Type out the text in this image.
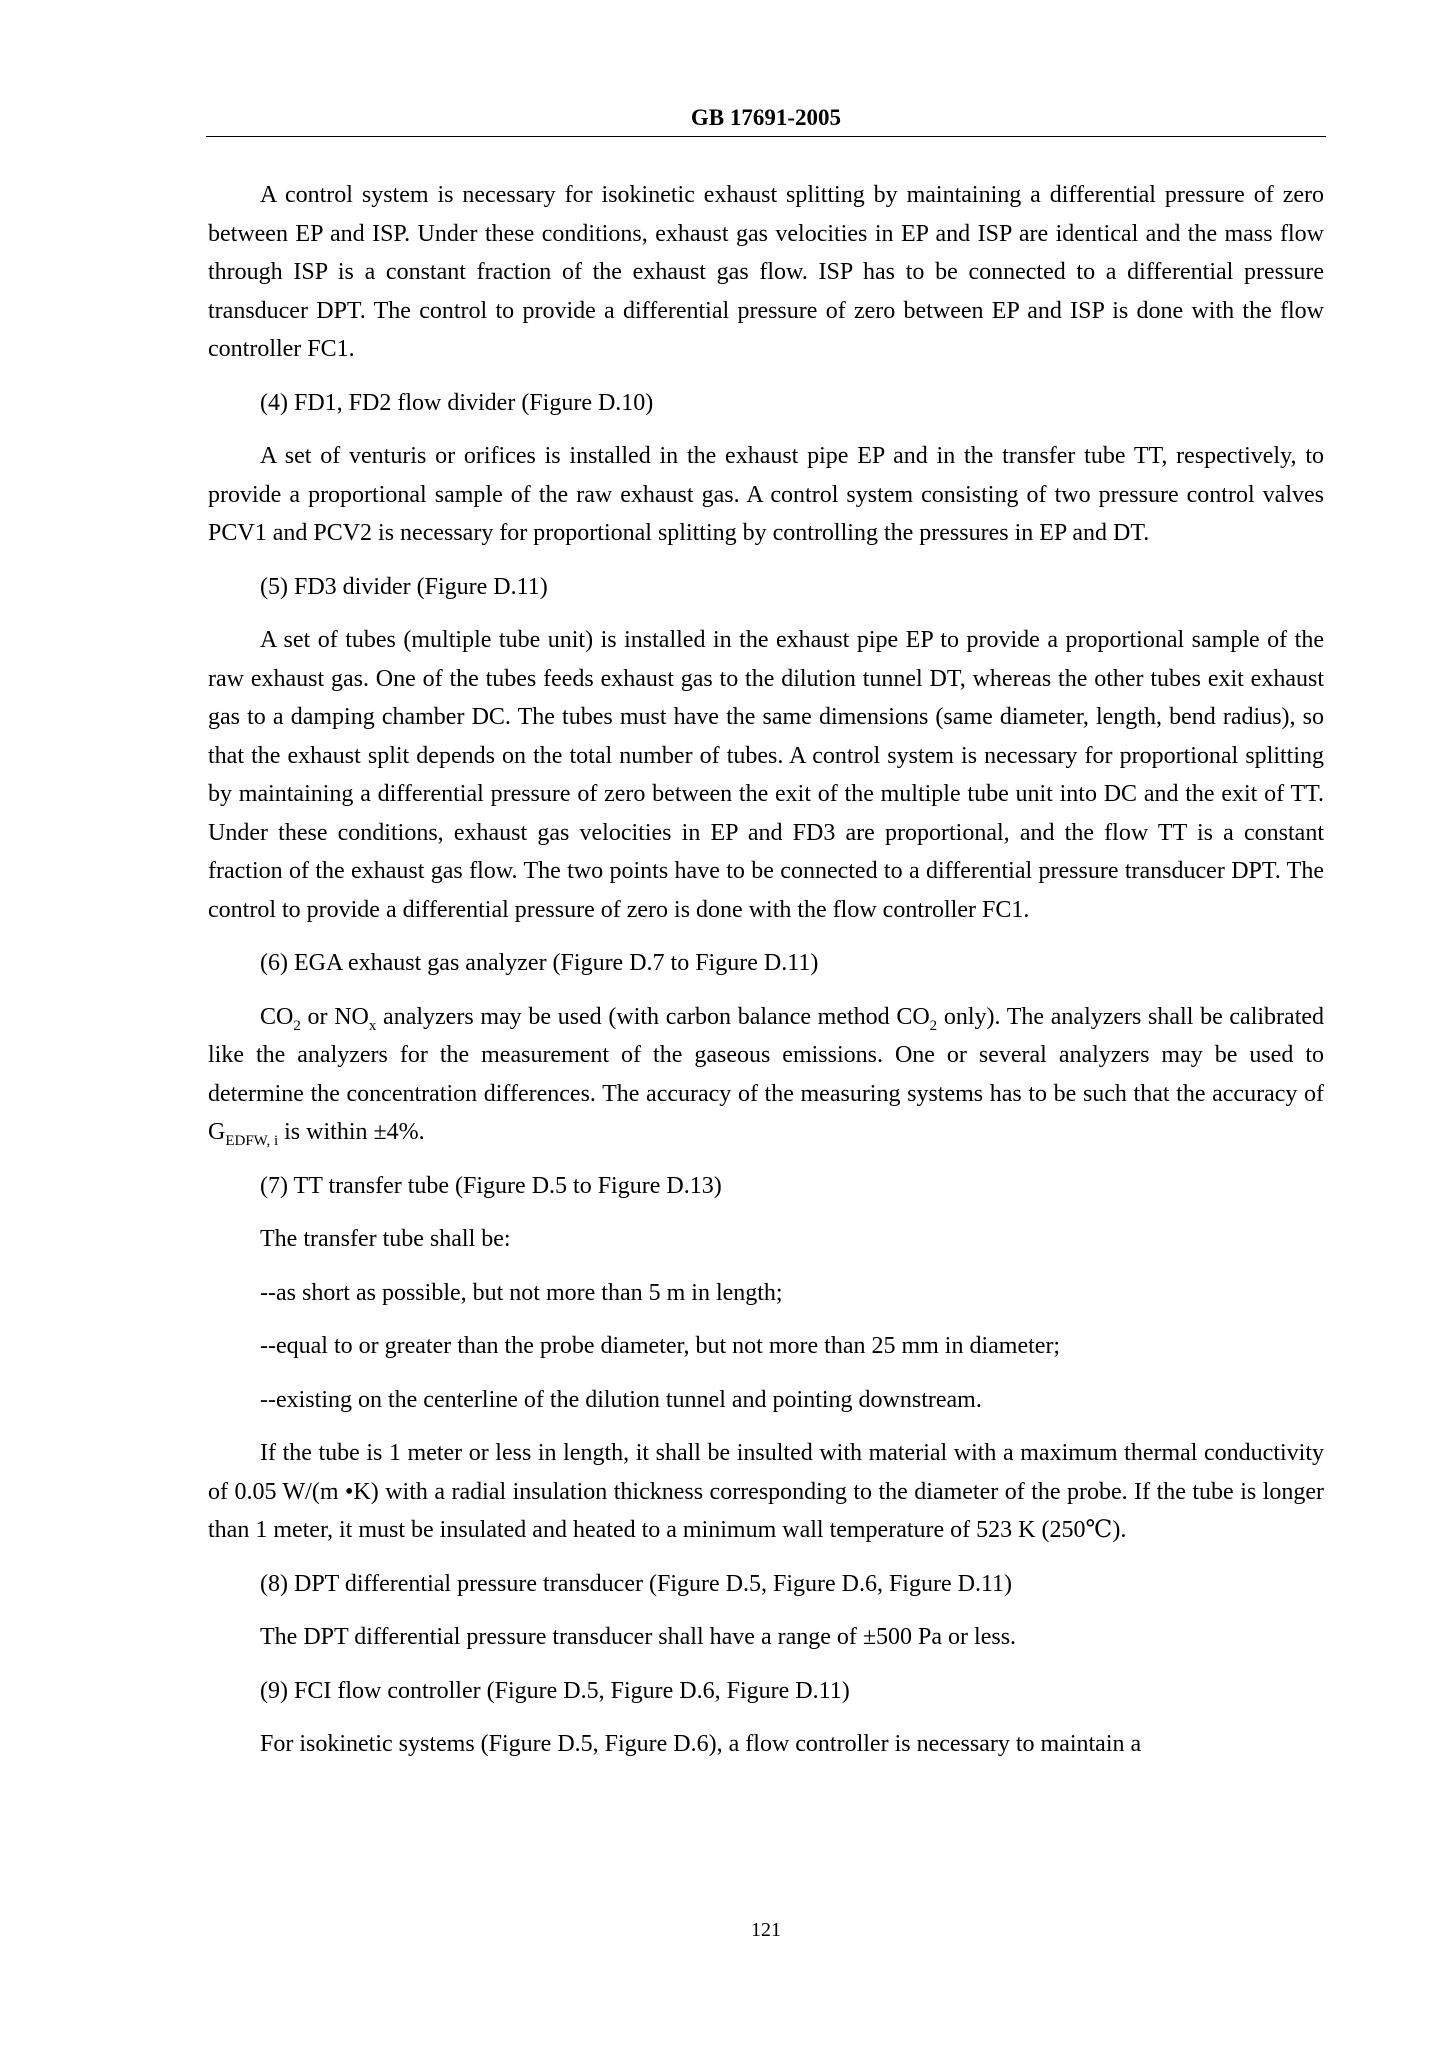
GB 17691-2005

A control system is necessary for isokinetic exhaust splitting by maintaining a differential pressure of zero between EP and ISP. Under these conditions, exhaust gas velocities in EP and ISP are identical and the mass flow through ISP is a constant fraction of the exhaust gas flow. ISP has to be connected to a differential pressure transducer DPT. The control to provide a differential pressure of zero between EP and ISP is done with the flow controller FC1.

(4) FD1, FD2 flow divider (Figure D.10)

A set of venturis or orifices is installed in the exhaust pipe EP and in the transfer tube TT, respectively, to provide a proportional sample of the raw exhaust gas. A control system consisting of two pressure control valves PCV1 and PCV2 is necessary for proportional splitting by controlling the pressures in EP and DT.

(5) FD3 divider (Figure D.11)

A set of tubes (multiple tube unit) is installed in the exhaust pipe EP to provide a proportional sample of the raw exhaust gas. One of the tubes feeds exhaust gas to the dilution tunnel DT, whereas the other tubes exit exhaust gas to a damping chamber DC. The tubes must have the same dimensions (same diameter, length, bend radius), so that the exhaust split depends on the total number of tubes. A control system is necessary for proportional splitting by maintaining a differential pressure of zero between the exit of the multiple tube unit into DC and the exit of TT. Under these conditions, exhaust gas velocities in EP and FD3 are proportional, and the flow TT is a constant fraction of the exhaust gas flow. The two points have to be connected to a differential pressure transducer DPT. The control to provide a differential pressure of zero is done with the flow controller FC1.

(6) EGA exhaust gas analyzer (Figure D.7 to Figure D.11)

$CO_2$ or $NO_x$ analyzers may be used (with carbon balance method $CO_2$ only). The analyzers shall be calibrated like the analyzers for the measurement of the gaseous emissions. One or several analyzers may be used to determine the concentration differences. The accuracy of the measuring systems has to be such that the accuracy of $G_{EDFW, i}$ is within ±4%.

(7) TT transfer tube (Figure D.5 to Figure D.13)

The transfer tube shall be:

--as short as possible, but not more than 5 m in length;

--equal to or greater than the probe diameter, but not more than 25 mm in diameter;

--existing on the centerline of the dilution tunnel and pointing downstream.

If the tube is 1 meter or less in length, it shall be insulted with material with a maximum thermal conductivity of 0.05 W/(m •K) with a radial insulation thickness corresponding to the diameter of the probe. If the tube is longer than 1 meter, it must be insulated and heated to a minimum wall temperature of 523 K (250℃).

(8) DPT differential pressure transducer (Figure D.5, Figure D.6, Figure D.11)

The DPT differential pressure transducer shall have a range of ±500 Pa or less.

(9) FCI flow controller (Figure D.5, Figure D.6, Figure D.11)

For isokinetic systems (Figure D.5, Figure D.6), a flow controller is necessary to maintain a

121
